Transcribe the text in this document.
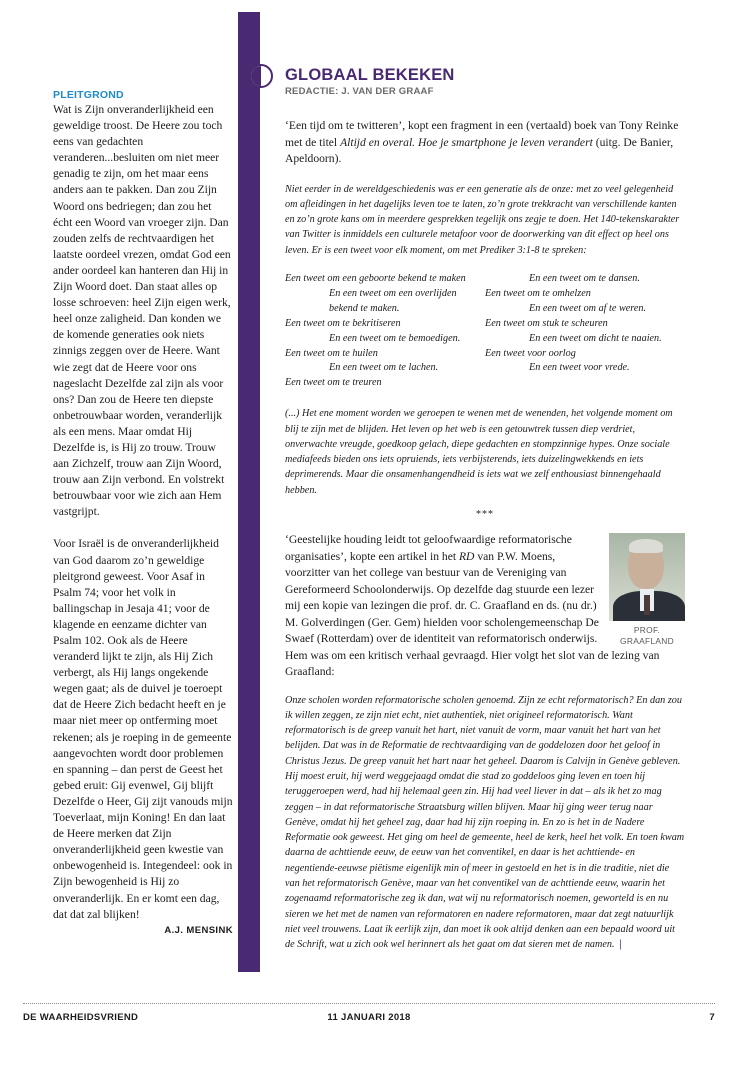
PLEITGROND

Wat is Zijn onveranderlijkheid een geweldige troost. De Heere zou toch eens van gedachten veranderen...besluiten om niet meer genadig te zijn, om het maar eens anders aan te pakken. Dan zou Zijn Woord ons bedriegen; dan zou het écht een Woord van vroeger zijn. Dan zouden zelfs de rechtvaardigen het laatste oordeel vrezen, omdat God een ander oordeel kan hanteren dan Hij in Zijn Woord doet. Dan staat alles op losse schroeven: heel Zijn eigen werk, heel onze zaligheid. Dan konden we de komende generaties ook niets zinnigs zeggen over de Heere. Want wie zegt dat de Heere voor ons nageslacht Dezelfde zal zijn als voor ons? Dan zou de Heere ten diepste onbetrouwbaar worden, veranderlijk als een mens. Maar omdat Hij Dezelfde is, is Hij zo trouw. Trouw aan Zichzelf, trouw aan Zijn Woord, trouw aan Zijn verbond. En volstrekt betrouwbaar voor wie zich aan Hem vastgrijpt.

Voor Israël is de onveranderlijkheid van God daarom zo’n geweldige pleitgrond geweest. Voor Asaf in Psalm 74; voor het volk in ballingschap in Jesaja 41; voor de klagende en eenzame dichter van Psalm 102. Ook als de Heere veranderd lijkt te zijn, als Hij Zich verbergt, als Hij langs ongekende wegen gaat; als de duivel je toeroept dat de Heere Zich bedacht heeft en je maar niet meer op ontferming moet rekenen; als je roeping in de gemeente aangevochten wordt door problemen en spanning – dan perst de Geest het gebed eruit: Gij evenwel, Gij blijft Dezelfde o Heer, Gij zijt vanouds mijn Toeverlaat, mijn Koning! En dan laat de Heere merken dat Zijn onveranderlijkheid geen kwestie van onbewogenheid is. Integendeel: ook in Zijn bewogenheid is Hij zo onveranderlijk. En er komt een dag, dat dat zal blijken!

A.J. MENSINK
GLOBAAL BEKEKEN
REDACTIE: J. VAN DER GRAAF

‘Een tijd om te twitteren’, kopt een fragment in een (vertaald) boek van Tony Reinke met de titel Altijd en overal. Hoe je smartphone je leven verandert (uitg. De Banier, Apeldoorn).

Niet eerder in de wereldgeschiedenis was er een generatie als de onze: met zo veel gelegenheid om afleidingen in het dagelijks leven toe te laten, zo’n grote trekkracht van verschillende kanten en zo’n grote kans om in meerdere gesprekken tegelijk ons zegje te doen. Het 140-tekenskarakter van Twitter is inmiddels een culturele metafoor voor de doorwerking van dit effect op heel ons leven. Er is een tweet voor elk moment, om met Prediker 3:1-8 te spreken:

Een tweet om een geboorte bekend te maken
En een tweet om een overlijden
bekend te maken.
Een tweet om te bekritiseren
En een tweet om te bemoedigen.
Een tweet om te huilen
En een tweet om te lachen.
Een tweet om te treuren
En een tweet om te dansen.
Een tweet om te omhelzen
En een tweet om af te weren.
Een tweet om stuk te scheuren
En een tweet om dicht te naaien.
Een tweet voor oorlog
En een tweet voor vrede.

(...) Het ene moment worden we geroepen te wenen met de wenenden, het volgende moment om blij te zijn met de blijden. Het leven op het web is een getouwtrek tussen diep verdriet, onverwachte vreugde, goedkoop gelach, diepe gedachten en stompzinnige hypes. Onze sociale mediafeeds bieden ons iets opruiends, iets verbijsterends, iets duizelingwekkends en iets deprimerends. Maar die onsamenhangendheid is iets wat we zelf enthousiast binnengehaald hebben.

***
PROF. GRAAFLAND

‘Geestelijke houding leidt tot geloofwaardige reformatorische organisaties’, kopte een artikel in het RD van P.W. Moens, voorzitter van het college van bestuur van de Vereniging van Gereformeerd Schoolonderwijs. Op dezelfde dag stuurde een lezer mij een kopie van lezingen die prof. dr. C. Graafland en ds. (nu dr.) M. Golverdingen (Ger. Gem) hielden voor scholengemeenschap De Swaef (Rotterdam) over de identiteit van reformatorisch onderwijs. Hem was om een kritisch verhaal gevraagd. Hier volgt het slot van de lezing van Graafland:

Onze scholen worden reformatorische scholen genoemd. Zijn ze echt reformatorisch? En dan zou ik willen zeggen, ze zijn niet echt, niet authentiek, niet origineel reformatorisch. Want reformatorisch is de greep vanuit het hart, niet vanuit de vorm, maar vanuit het hart van het belijden. Dat was in de Reformatie de rechtvaardiging van de goddelozen door het geloof in Christus Jezus. De greep vanuit het hart naar het geheel. Daarom is Calvijn in Genève gebleven. Hij moest eruit, hij werd weggejaagd omdat die stad zo goddeloos ging leven en toen hij teruggeroepen werd, had hij helemaal geen zin. Hij had veel liever in dat – als ik het zo mag zeggen – in dat reformatorische Straatsburg willen blijven. Maar hij ging weer terug naar Genève, omdat hij het geheel zag, daar had hij zijn roeping in. En zo is het in de Nadere Reformatie ook geweest. Het ging om heel de gemeente, heel de kerk, heel het volk. En toen kwam daarna de achttiende eeuw, de eeuw van het conventikel, en daar is het achttiende- en negentiende-eeuwse piëtisme eigenlijk min of meer in gestoeld en het is in die traditie, niet die van het reformatorisch Genève, maar van het conventikel van de achttiende eeuw, waarin het zogenaamd reformatorische zeg ik dan, wat wij nu reformatorisch noemen, geworteld is en nu sieren we het met de namen van reformatoren en nadere reformatoren, maar dat zegt natuurlijk niet veel trouwens. Laat ik eerlijk zijn, dan moet ik ook altijd denken aan een bepaald woord uit de Schrift, wat u zich ook wel herinnert als het gaat om dat sieren met de namen. |

DE WAARHEIDSVRIEND	11 JANUARI 2018	7
